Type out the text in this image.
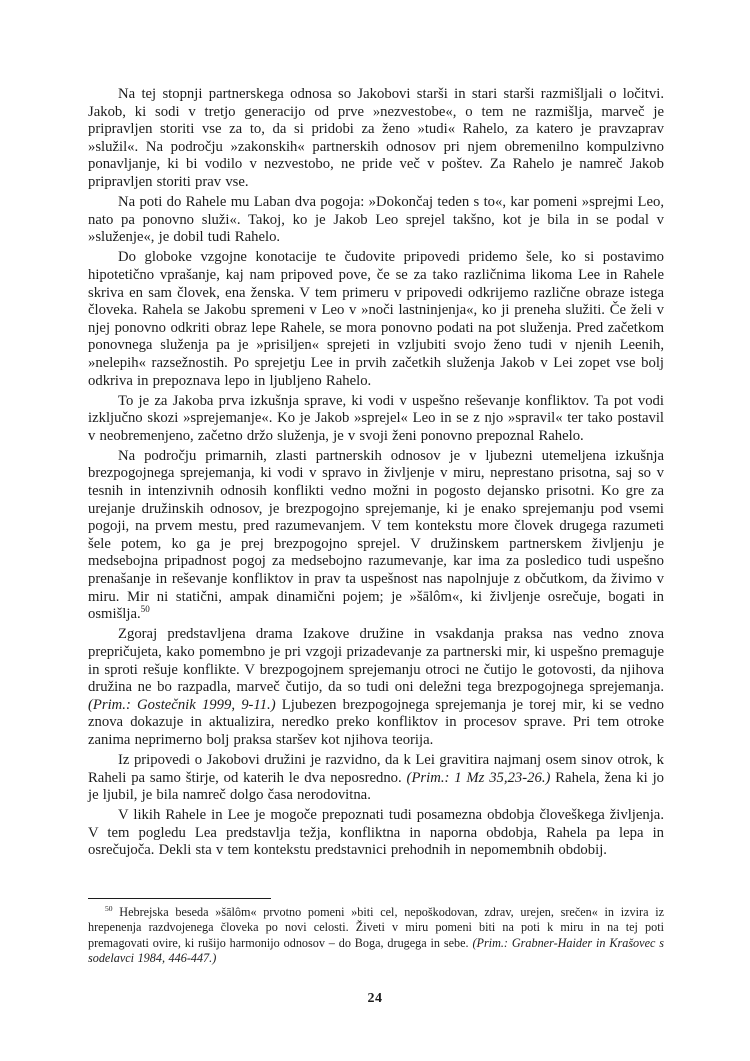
Na tej stopnji partnerskega odnosa so Jakobovi starši in stari starši razmišljali o ločitvi. Jakob, ki sodi v tretjo generacijo od prve »nezvestobe«, o tem ne razmišlja, marveč je pripravljen storiti vse za to, da si pridobi za ženo »tudi« Rahelo, za katero je pravzaprav »služil«. Na področju »zakonskih« partnerskih odnosov pri njem obremenilno kompulzivno ponavljanje, ki bi vodilo v nezvestobo, ne pride več v poštev. Za Rahelo je namreč Jakob pripravljen storiti prav vse.

Na poti do Rahele mu Laban dva pogoja: »Dokončaj teden s to«, kar pomeni »sprejmi Leo, nato pa ponovno služi«. Takoj, ko je Jakob Leo sprejel takšno, kot je bila in se podal v »služenje«, je dobil tudi Rahelo.

Do globoke vzgojne konotacije te čudovite pripovedi pridemo šele, ko si postavimo hipotetično vprašanje, kaj nam pripoved pove, če se za tako različnima likoma Lee in Rahele skriva en sam človek, ena ženska. V tem primeru v pripovedi odkrijemo različne obraze istega človeka. Rahela se Jakobu spremeni v Leo v »noči lastninjenja«, ko ji preneha služiti. Če želi v njej ponovno odkriti obraz lepe Rahele, se mora ponovno podati na pot služenja. Pred začetkom ponovnega služenja pa je »prisiljen« sprejeti in vzljubiti svojo ženo tudi v njenih Leenih, »nelepih« razsežnostih. Po sprejetju Lee in prvih začetkih služenja Jakob v Lei zopet vse bolj odkriva in prepoznava lepo in ljubljeno Rahelo.

To je za Jakoba prva izkušnja sprave, ki vodi v uspešno reševanje konfliktov. Ta pot vodi izključno skozi »sprejemanje«. Ko je Jakob »sprejel« Leo in se z njo »spravil« ter tako postavil v neobremenjeno, začetno držo služenja, je v svoji ženi ponovno prepoznal Rahelo.

Na področju primarnih, zlasti partnerskih odnosov je v ljubezni utemeljena izkušnja brezpogojnega sprejemanja, ki vodi v spravo in življenje v miru, neprestano prisotna, saj so v tesnih in intenzivnih odnosih konflikti vedno možni in pogosto dejansko prisotni. Ko gre za urejanje družinskih odnosov, je brezpogojno sprejemanje, ki je enako sprejemanju pod vsemi pogoji, na prvem mestu, pred razumevanjem. V tem kontekstu more človek drugega razumeti šele potem, ko ga je prej brezpogojno sprejel. V družinskem partnerskem življenju je medsebojna pripadnost pogoj za medsebojno razumevanje, kar ima za posledico tudi uspešno prenašanje in reševanje konfliktov in prav ta uspešnost nas napolnjuje z občutkom, da živimo v miru. Mir ni statični, ampak dinamični pojem; je »šālôm«, ki življenje osrečuje, bogati in osmišlja.$^{50}$

Zgoraj predstavljena drama Izakove družine in vsakdanja praksa nas vedno znova prepričujeta, kako pomembno je pri vzgoji prizadevanje za partnerski mir, ki uspešno premaguje in sproti rešuje konflikte. V brezpogojnem sprejemanju otroci ne čutijo le gotovosti, da njihova družina ne bo razpadla, marveč čutijo, da so tudi oni deležni tega brezpogojnega sprejemanja. (Prim.: Gostečnik 1999, 9-11.) Ljubezen brezpogojnega sprejemanja je torej mir, ki se vedno znova dokazuje in aktualizira, neredko preko konfliktov in procesov sprave. Pri tem otroke zanima neprimerno bolj praksa staršev kot njihova teorija.

Iz pripovedi o Jakobovi družini je razvidno, da k Lei gravitira najmanj osem sinov otrok, k Raheli pa samo štirje, od katerih le dva neposredno. (Prim.: 1 Mz 35,23-26.) Rahela, žena ki jo je ljubil, je bila namreč dolgo časa nerodovitna.

V likih Rahele in Lee je mogoče prepoznati tudi posamezna obdobja človeškega življenja. V tem pogledu Lea predstavlja težja, konfliktna in naporna obdobja, Rahela pa lepa in osrečujoča. Dekli sta v tem kontekstu predstavnici prehodnih in nepomembnih obdobij.

$^{50}$ Hebrejska beseda »šālôm« prvotno pomeni »biti cel, nepoškodovan, zdrav, urejen, srečen« in izvira iz hrepenenja razdvojenega človeka po novi celosti. Živeti v miru pomeni biti na poti k miru in na tej poti premagovati ovire, ki rušijo harmonijo odnosov – do Boga, drugega in sebe. (Prim.: Grabner-Haider in Krašovec s sodelavci 1984, 446-447.)

24
